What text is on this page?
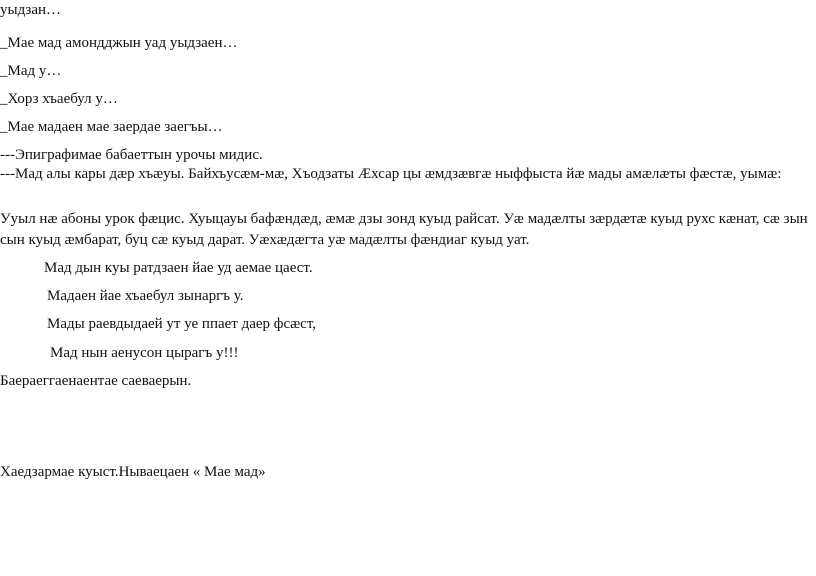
уыдзан…
_Мае мад амондджын уад уыдзаен…
_Мад у…
_Хорз хъаебул у…
_Мае мадаен мае заердае заегъы…
---Эпиграфимае бабаеттын урочы мидис.
---Мад алы кары дæр хъæуы. Байхъусæм-мæ, Хъодзаты Æхсар цы æмдзæвгæ ныффыста йæ мады амæлæты фæстæ, уымæ:
Ууыл нæ абоны урок фæцис. Хуыцауы бафæндæд, æмæ дзы зонд куыд райсат. Уæ мадæлты зæрдæтæ куыд рухс кæнат, сæ зын сын куыд æмбарат, буц сæ куыд дарат. Уæхæдæгта уæ мадæлты фæндиаг куыд уат.
Мад дын куы ратдзаен йае уд аемае цаест.
Мадаен йае хъаебул зынаргъ у.
Мады раевдыдаей ут уе ппает даер фсæст,
Мад нын аенусон цырагъ у!!!
Баераеггаенаентае саеваерын.
Хаедзармае куыст.Нываецаен « Мае мад»
